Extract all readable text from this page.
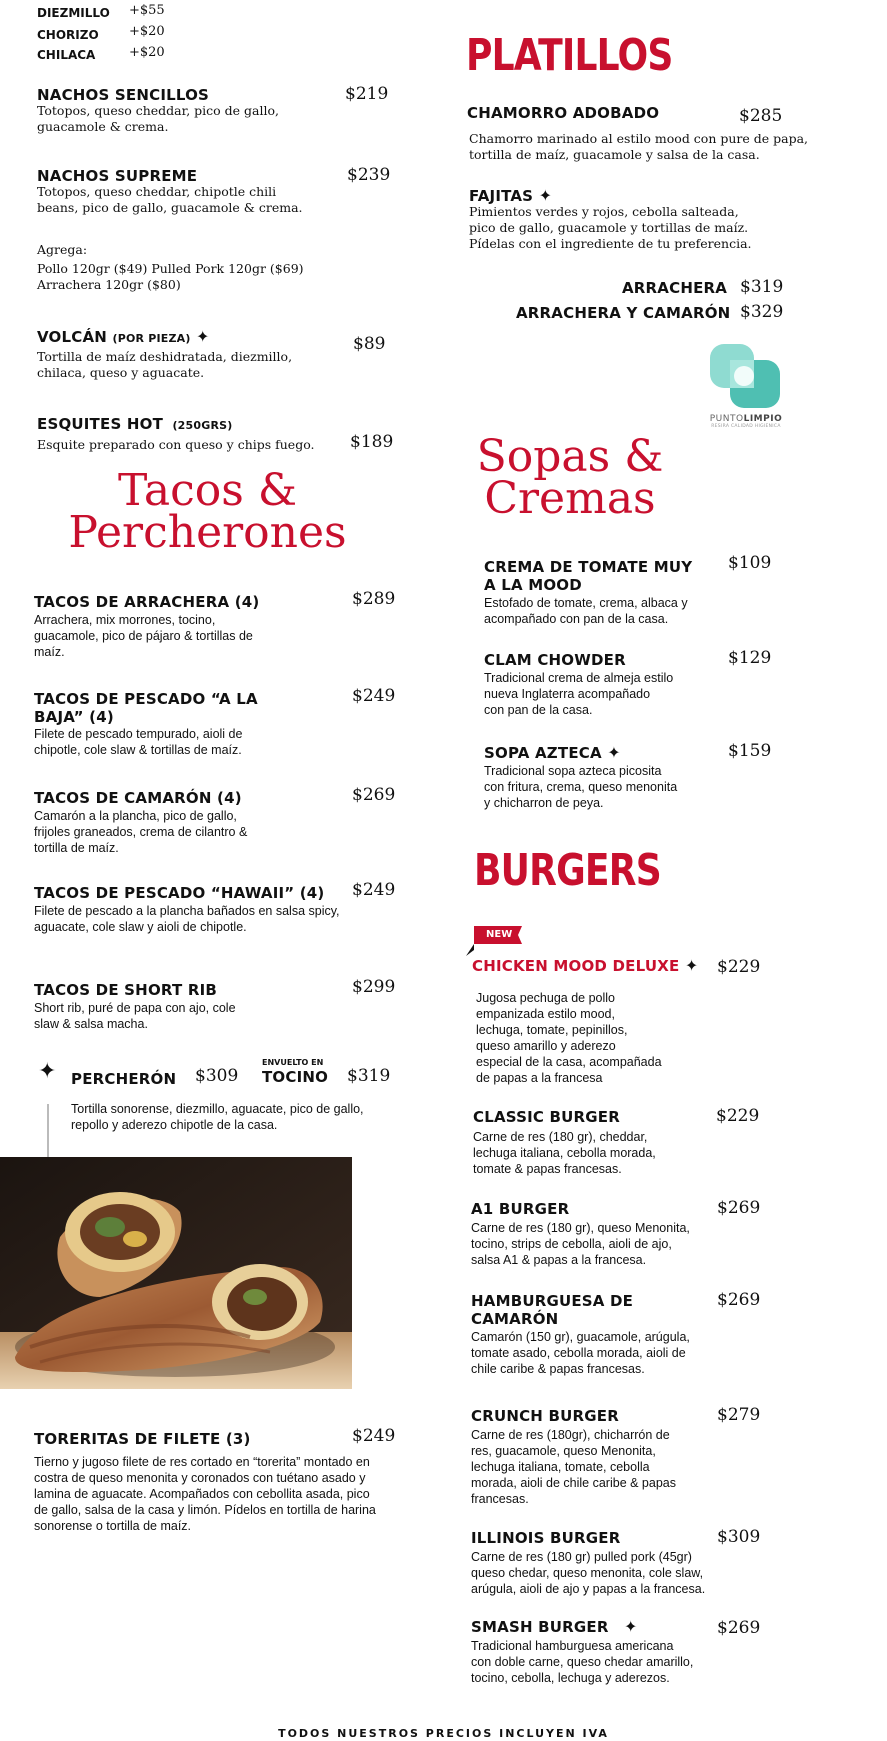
DIEZMILLO +$55
CHORIZO +$20
CHILACA	+$20
NACHOS SENCILLOS	$219
Totopos, queso cheddar, pico de gallo,
guacamole & crema.
NACHOS SUPREME	$239
Totopos, queso cheddar, chipotle chili
beans, pico de gallo, guacamole & crema.
Agrega:
Pollo 120gr ($49) Pulled Pork 120gr ($69)
Arrachera 120gr ($80)
VOLCÁN (POR PIEZA) ✦	$89
Tortilla de maíz deshidratada, diezmillo,
chilaca, queso y aguacate.
ESQUITES HOT (250GRS)
$189
Esquite preparado con queso y chips fuego.
Tacos &
Percherones
TACOS DE ARRACHERA (4)	$289
Arrachera, mix morrones, tocino,
guacamole, pico de pájaro & tortillas de
maíz.
TACOS DE PESCADO “A LA
BAJA” (4)
$249
Filete de pescado tempurado, aioli de
chipotle, cole slaw & tortillas de maíz.
TACOS DE CAMARÓN (4)	$269
Camarón a la plancha, pico de gallo,
frijoles graneados, crema de cilantro &
tortilla de maíz.
TACOS DE PESCADO “HAWAII” (4) $249
Filete de pescado a la plancha bañados en salsa spicy,
aguacate, cole slaw y aioli de chipotle.
TACOS DE SHORT RIB	$299
Short rib, puré de papa con ajo, cole
slaw & salsa macha.
✦ PERCHERÓN $309
ENVUELTO EN
TOCINO $319
Tortilla sonorense, diezmillo, aguacate, pico de gallo,
repollo y aderezo chipotle de la casa.
TORERITAS DE FILETE (3)	$249
Tierno y jugoso filete de res cortado en “torerita” montado en
costra de queso menonita y coronados con tuétano asado y
lamina de aguacate. Acompañados con cebollita asada, pico
de gallo, salsa de la casa y limón. Pídelos en tortilla de harina
sonorense o tortilla de maíz.
PLATILLOS
CHAMORRO ADOBADO	$285
Chamorro marinado al estilo mood con pure de papa,
tortilla de maíz, guacamole y salsa de la casa.
FAJITAS ✦
Pimientos verdes y rojos, cebolla salteada,
pico de gallo, guacamole y tortillas de maíz.
Pídelas con el ingrediente de tu preferencia.
ARRACHERA $319
ARRACHERA Y CAMARÓN $329
PUNTOLIMPIO
RESIRA CALIDAD HIGIENICA
Sopas &
Cremas
CREMA DE TOMATE MUY
A LA MOOD
$109
Estofado de tomate, crema, albaca y
acompañado con pan de la casa.
CLAM CHOWDER	$129
Tradicional crema de almeja estilo
nueva Inglaterra acompañado
con pan de la casa.
SOPA AZTECA ✦	$159
Tradicional sopa azteca picosita
con fritura, crema, queso menonita
y chicharron de peya.
BURGERS
NEW
CHICKEN MOOD DELUXE ✦ $229
Jugosa pechuga de pollo
empanizada estilo mood,
lechuga, tomate, pepinillos,
queso amarillo y aderezo
especial de la casa, acompañada
de papas a la francesa
CLASSIC BURGER	$229
Carne de res (180 gr), cheddar,
lechuga italiana, cebolla morada,
tomate & papas francesas.
A1 BURGER	$269
Carne de res (180 gr), queso Menonita,
tocino, strips de cebolla, aioli de ajo,
salsa A1 & papas a la francesa.
HAMBURGUESA DE
CAMARÓN
$269
Camarón (150 gr), guacamole, arúgula,
tomate asado, cebolla morada, aioli de
chile caribe & papas francesas.
CRUNCH BURGER	$279
Carne de res (180gr), chicharrón de
res, guacamole, queso Menonita,
lechuga italiana, tomate, cebolla
morada, aioli de chile caribe & papas
francesas.
ILLINOIS BURGER	$309
Carne de res (180 gr) pulled pork (45gr)
queso chedar, queso menonita, cole slaw,
arúgula, aioli de ajo y papas a la francesa.
SMASH BURGER ✦	$269
Tradicional hamburguesa americana
con doble carne, queso chedar amarillo,
tocino, cebolla, lechuga y aderezos.
TODOS NUESTROS PRECIOS INCLUYEN IVA
